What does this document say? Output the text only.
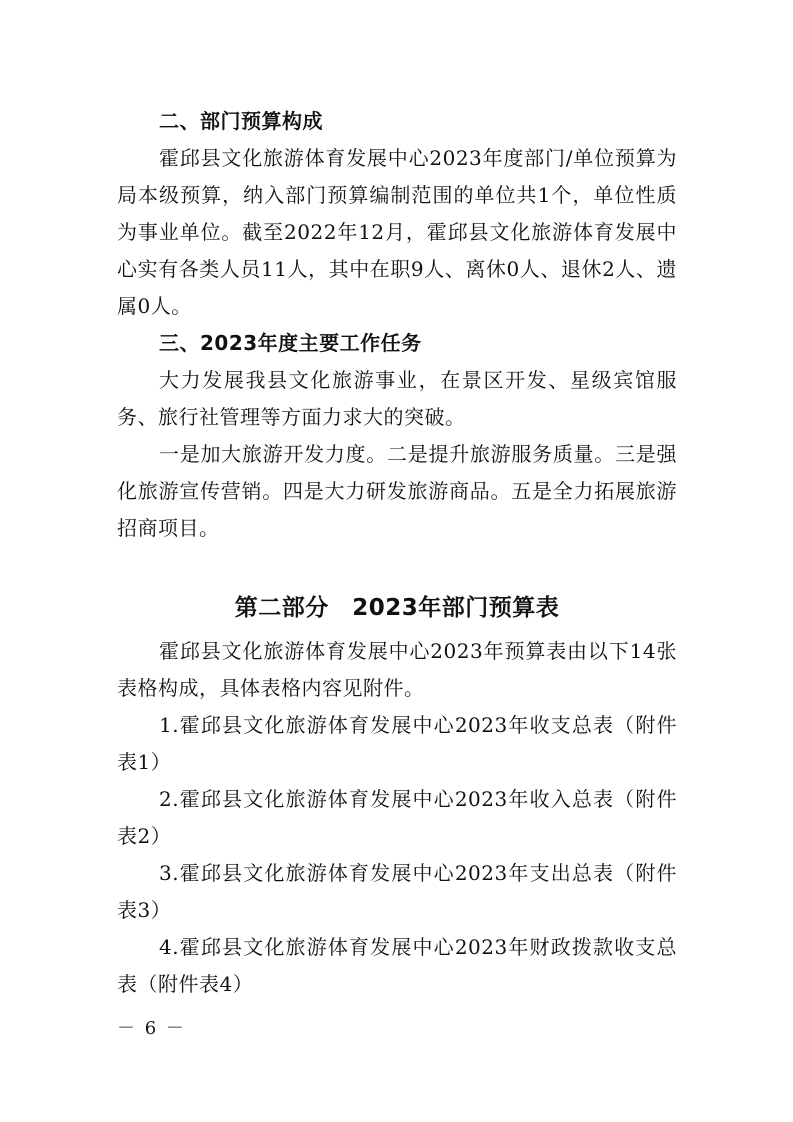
二、部门预算构成

霍邱县文化旅游体育发展中心2023年度部门/单位预算为局本级预算，纳入部门预算编制范围的单位共1个，单位性质为事业单位。截至2022年12月，霍邱县文化旅游体育发展中心实有各类人员11人，其中在职9人、离休0人、退休2人、遗属0人。

三、2023年度主要工作任务

大力发展我县文化旅游事业，在景区开发、星级宾馆服务、旅行社管理等方面力求大的突破。

一是加大旅游开发力度。二是提升旅游服务质量。三是强化旅游宣传营销。四是大力研发旅游商品。五是全力拓展旅游招商项目。

第二部分　2023年部门预算表

霍邱县文化旅游体育发展中心2023年预算表由以下14张表格构成，具体表格内容见附件。

1.霍邱县文化旅游体育发展中心2023年收支总表（附件表1）

2.霍邱县文化旅游体育发展中心2023年收入总表（附件表2）

3.霍邱县文化旅游体育发展中心2023年支出总表（附件表3）

4.霍邱县文化旅游体育发展中心2023年财政拨款收支总表（附件表4）

－ 6 －
